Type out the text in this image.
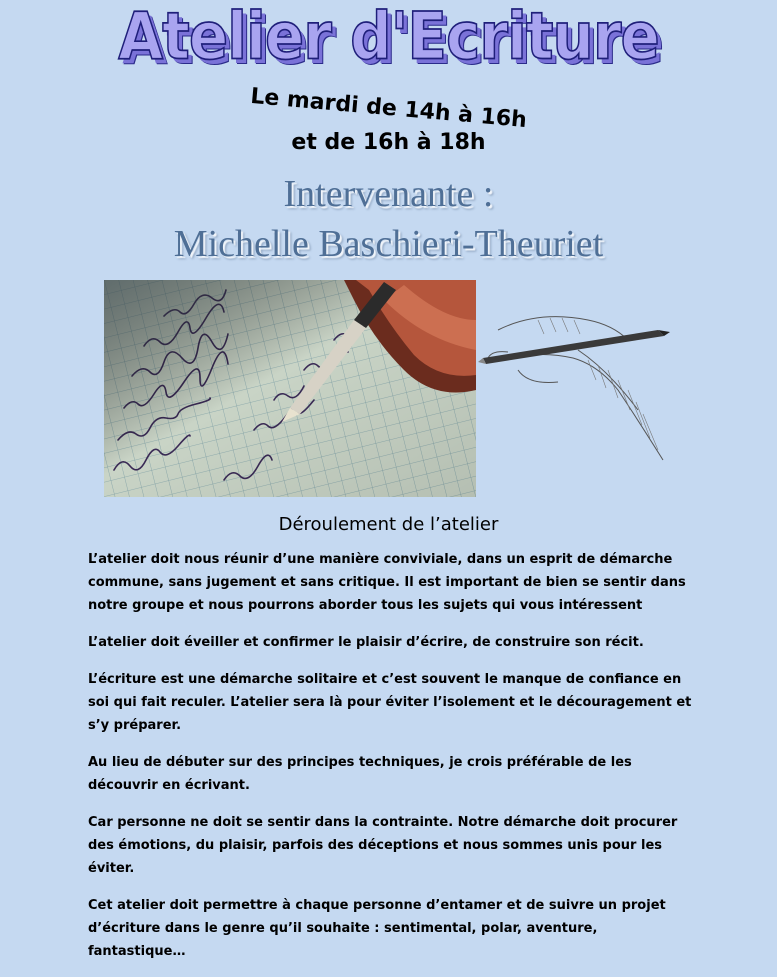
Atelier d'Ecriture
Le mardi de 14h à 16h
et de 16h à 18h
Intervenante :
Michelle Baschieri-Theuriet
Déroulement de l’atelier

L’atelier doit nous réunir d’une manière conviviale, dans un esprit de démarche commune, sans jugement et sans critique. Il est important de bien se sentir dans notre groupe et nous pourrons aborder tous les sujets qui vous intéressent

L’atelier doit éveiller et confirmer le plaisir d’écrire, de construire son récit.

L’écriture est une démarche solitaire et c’est souvent le manque de confiance en soi qui fait reculer. L’atelier sera là pour éviter l’isolement et le découragement et s’y préparer.

Au lieu de débuter sur des principes techniques, je crois préférable de les découvrir en écrivant.

Car personne ne doit se sentir dans la contrainte. Notre démarche doit procurer des émotions, du plaisir, parfois des déceptions et nous sommes unis pour les éviter.

Cet atelier doit permettre à chaque personne d’entamer et de suivre un projet d’écriture dans le genre qu’il souhaite : sentimental, polar, aventure, fantastique…
